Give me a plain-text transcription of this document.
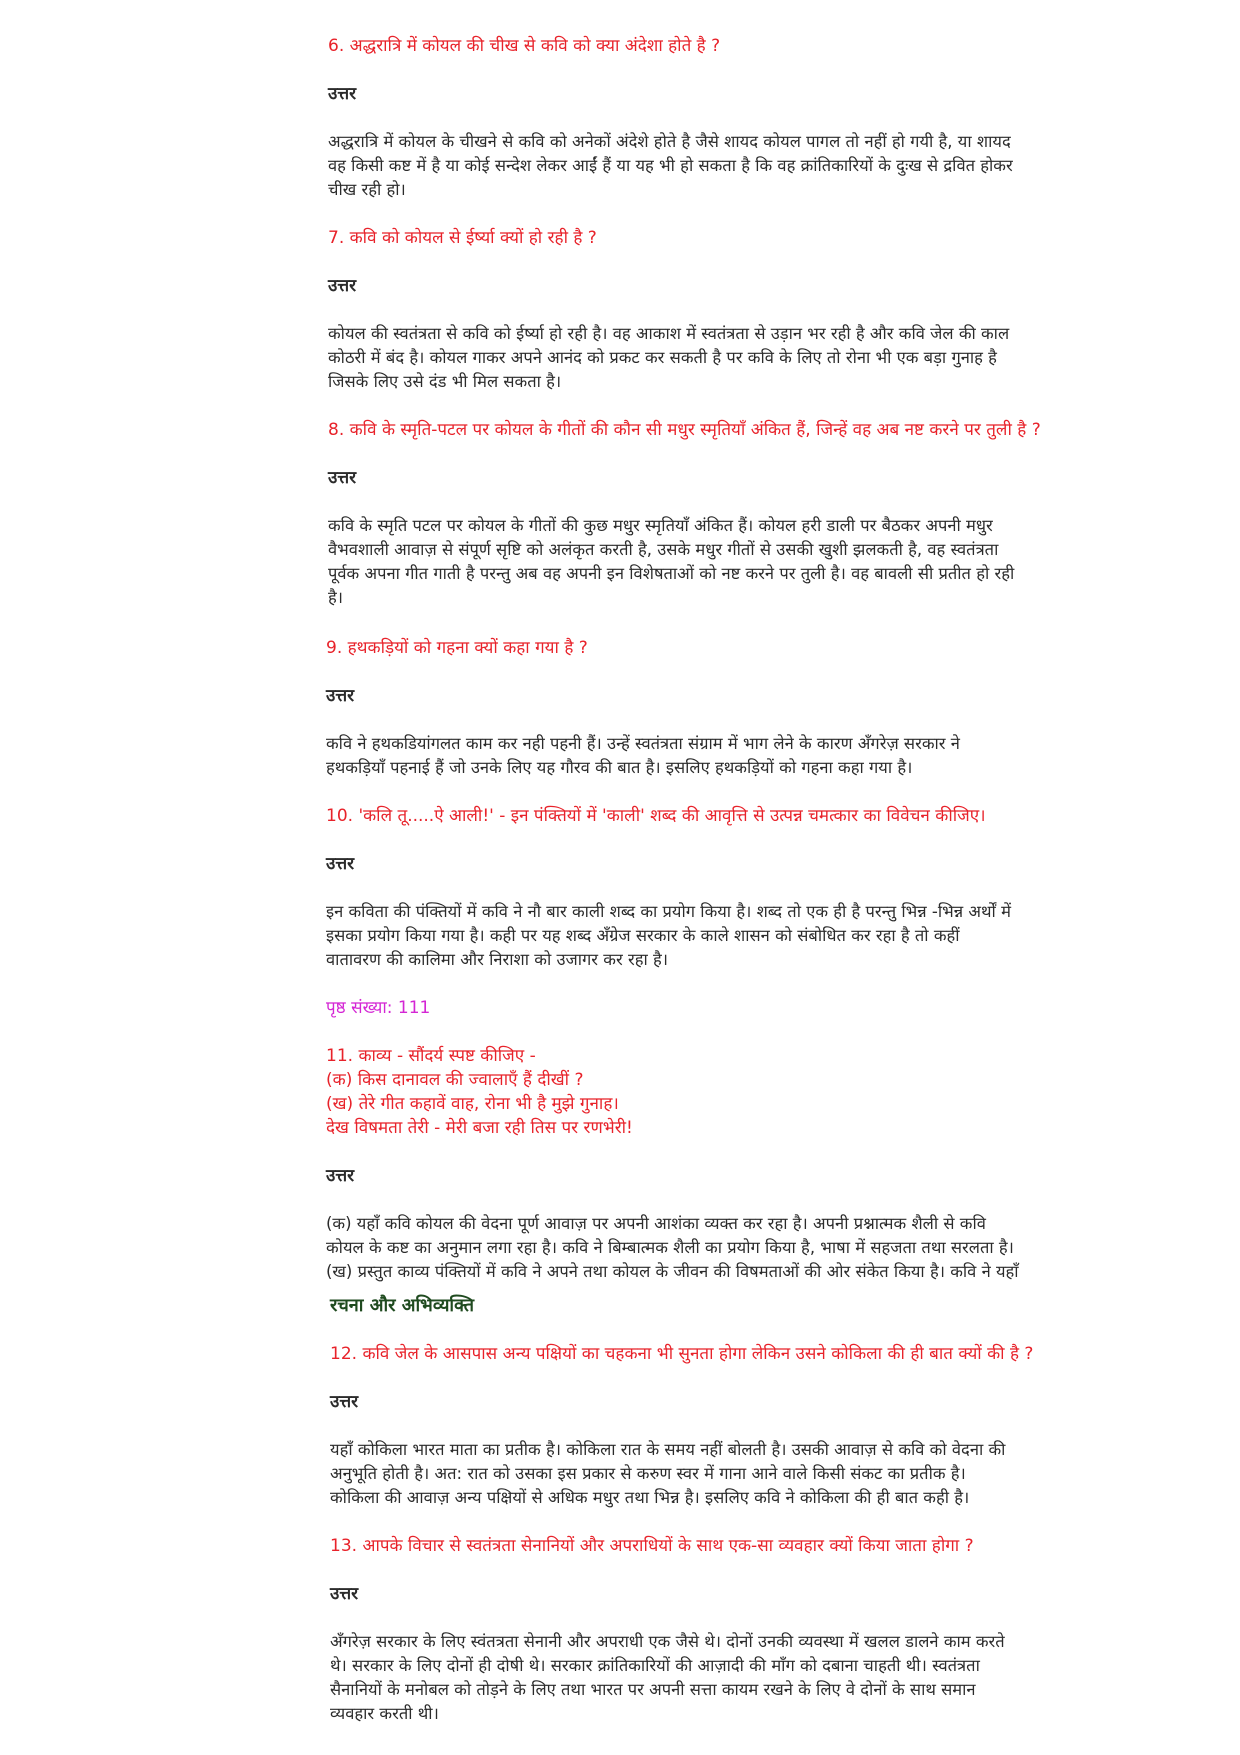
6. अद्धरात्रि में कोयल की चीख से कवि को क्या अंदेशा होते है ?
उत्तर
अद्धरात्रि में कोयल के चीखने से कवि को अनेकों अंदेशे होते है जैसे शायद कोयल पागल तो नहीं हो गयी है, या शायद
वह किसी कष्ट में है या कोई सन्देश लेकर आईं हैं या यह भी हो सकता है कि वह क्रांतिकारियों के दुःख से द्रवित होकर
चीख रही हो।
7. कवि को कोयल से ईर्ष्या क्यों हो रही है ?
उत्तर
कोयल की स्वतंत्रता से कवि को ईर्ष्या हो रही है। वह आकाश में स्वतंत्रता से उड़ान भर रही है और कवि जेल की काल
कोठरी में बंद है। कोयल गाकर अपने आनंद को प्रकट कर सकती है पर कवि के लिए तो रोना भी एक बड़ा गुनाह है
जिसके लिए उसे दंड भी मिल सकता है।
8. कवि के स्मृति-पटल पर कोयल के गीतों की कौन सी मधुर स्मृतियाँ अंकित हैं, जिन्हें वह अब नष्ट करने पर तुली है ?
उत्तर
कवि के स्मृति पटल पर कोयल के गीतों की कुछ मधुर स्मृतियाँ अंकित हैं। कोयल हरी डाली पर बैठकर अपनी मधुर
वैभवशाली आवाज़ से संपूर्ण सृष्टि को अलंकृत करती है, उसके मधुर गीतों से उसकी खुशी झलकती है, वह स्वतंत्रता
पूर्वक अपना गीत गाती है परन्तु अब वह अपनी इन विशेषताओं को नष्ट करने पर तुली है। वह बावली सी प्रतीत हो रही
है।
9. हथकड़ियों को गहना क्यों कहा गया है ?
उत्तर
कवि ने हथकडियांगलत काम कर नही पहनी हैं। उन्हें स्वतंत्रता संग्राम में भाग लेने के कारण अँगरेज़ सरकार ने
हथकड़ियाँ पहनाई हैं जो उनके लिए यह गौरव की बात है। इसलिए हथकड़ियों को गहना कहा गया है।
10. 'कलि तू.....ऐ आली!' - इन पंक्तियों में 'काली' शब्द की आवृत्ति से उत्पन्न चमत्कार का विवेचन कीजिए।
उत्तर
इन कविता की पंक्तियों में कवि ने नौ बार काली शब्द का प्रयोग किया है। शब्द तो एक ही है परन्तु भिन्न -भिन्न अर्थों में
इसका प्रयोग किया गया है। कही पर यह शब्द अँग्रेज सरकार के काले शासन को संबोधित कर रहा है तो कहीं
वातावरण की कालिमा और निराशा को उजागर कर रहा है।
पृष्ठ संख्या: 111
11. काव्य - सौंदर्य स्पष्ट कीजिए -
(क) किस दानावल की ज्वालाएँ हैं दीखीं ?
(ख) तेरे गीत कहावें वाह, रोना भी है मुझे गुनाह।
देख विषमता तेरी - मेरी बजा रही तिस पर रणभेरी!
उत्तर
(क) यहाँ कवि कोयल की वेदना पूर्ण आवाज़ पर अपनी आशंका व्यक्त कर रहा है। अपनी प्रश्नात्मक शैली से कवि
कोयल के कष्ट का अनुमान लगा रहा है। कवि ने बिम्बात्मक शैली का प्रयोग किया है, भाषा में सहजता तथा सरलता है।
(ख) प्रस्तुत काव्य पंक्तियों में कवि ने अपने तथा कोयल के जीवन की विषमताओं की ओर संकेत किया है। कवि ने यहाँ
रचना और अभिव्यक्ति
12. कवि जेल के आसपास अन्य पक्षियों का चहकना भी सुनता होगा लेकिन उसने कोकिला की ही बात क्यों की है ?
उत्तर
यहाँ कोकिला भारत माता का प्रतीक है। कोकिला रात के समय नहीं बोलती है। उसकी आवाज़ से कवि को वेदना की
अनुभूति होती है। अत: रात को उसका इस प्रकार से करुण स्वर में गाना आने वाले किसी संकट का प्रतीक है।
कोकिला की आवाज़ अन्य पक्षियों से अधिक मधुर तथा भिन्न है। इसलिए कवि ने कोकिला की ही बात कही है।
13. आपके विचार से स्वतंत्रता सेनानियों और अपराधियों के साथ एक-सा व्यवहार क्यों किया जाता होगा ?
उत्तर
अँगरेज़ सरकार के लिए स्वंतत्रता सेनानी और अपराधी एक जैसे थे। दोनों उनकी व्यवस्था में खलल डालने काम करते
थे। सरकार के लिए दोनों ही दोषी थे। सरकार क्रांतिकारियों की आज़ादी की माँग को दबाना चाहती थी। स्वतंत्रता
सैनानियों के मनोबल को तोड़ने के लिए तथा भारत पर अपनी सत्ता कायम रखने के लिए वे दोनों के साथ समान
व्यवहार करती थी।
